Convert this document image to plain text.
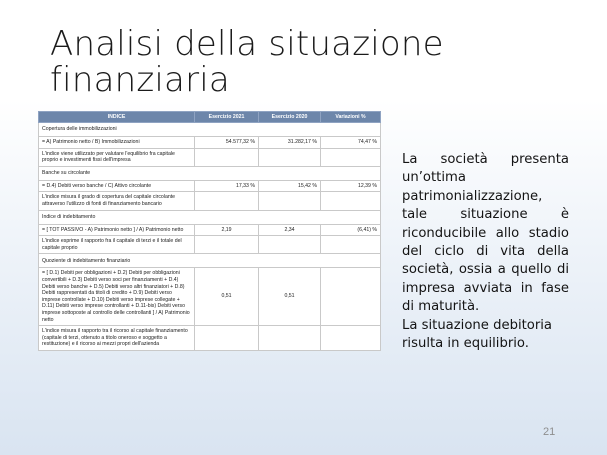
Analisi della situazione
finanziaria
INDICE	Esercizio 2021	Esercizio 2020	Variazioni %
Copertura delle immobilizzazioni			
= A) Patrimonio netto / B) Immobilizzazioni	54.577,32 %	31.282,17 %	74,47 %
L'indice viene utilizzato per valutare l'equilibrio fra capitale proprio e investimenti fissi dell'impresa			
Banche su circolante			
= D.4) Debiti verso banche / C) Attivo circolante	17,33 %	15,42 %	12,39 %
L'indice misura il grado di copertura del capitale circolante attraverso l'utilizzo di fonti di finanziamento bancario			
Indice di indebitamento			
= [ TOT PASSIVO - A) Patrimonio netto ] / A) Patrimonio netto	2,19	2,34	(6,41) %
L'indice esprime il rapporto fra il capitale di terzi e il totale del capitale proprio			
Quoziente di indebitamento finanziario			
= [ D.1) Debiti per obbligazioni + D.2) Debiti per obbligazioni convertibili + D.3) Debiti verso soci per finanziamenti + D.4) Debiti verso banche + D.5) Debiti verso altri finanziatori + D.8) Debiti rappresentati da titoli di credito + D.9) Debiti verso imprese controllate + D.10) Debiti verso imprese collegate + D.11) Debiti verso imprese controllanti + D.11-bis) Debiti verso imprese sottoposte al controllo delle controllanti ] / A) Patrimonio netto	0,51	0,51	
L'indice misura il rapporto tra il ricorso al capitale finanziamento (capitale di terzi, ottenuto a titolo oneroso e soggetto a restituzione) e il ricorso ai mezzi propri dell'azienda			

La società presenta un’ottima patrimonializzazione, tale situazione è riconducibile allo stadio del ciclo di vita della società, ossia a quello di impresa avviata in fase di maturità.

La situazione debitoria risulta in equilibrio.

21
